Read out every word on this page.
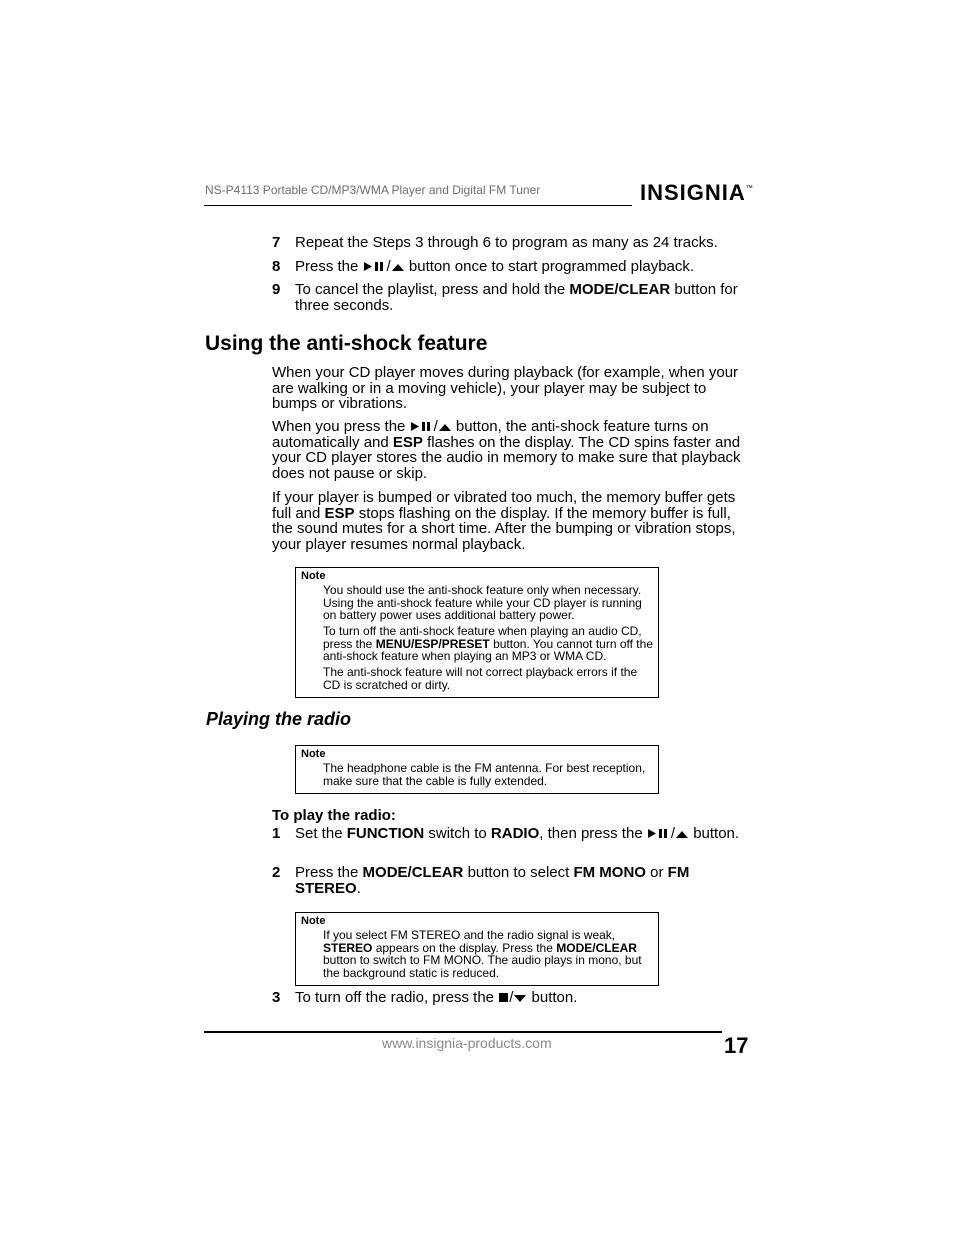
NS-P4113 Portable CD/MP3/WMA Player and Digital FM Tuner	INSIGNIA™
7 Repeat the Steps 3 through 6 to program as many as 24 tracks.
8 Press the / button once to start programmed playback.
9 To cancel the playlist, press and hold the MODE/CLEAR button for three seconds.
Using the anti-shock feature
When your CD player moves during playback (for example, when your are walking or in a moving vehicle), your player may be subject to bumps or vibrations.
When you press the / button, the anti-shock feature turns on automatically and ESP flashes on the display. The CD spins faster and your CD player stores the audio in memory to make sure that playback does not pause or skip.
If your player is bumped or vibrated too much, the memory buffer gets full and ESP stops flashing on the display. If the memory buffer is full, the sound mutes for a short time. After the bumping or vibration stops, your player resumes normal playback.
Note
You should use the anti-shock feature only when necessary. Using the anti-shock feature while your CD player is running on battery power uses additional battery power.
To turn off the anti-shock feature when playing an audio CD, press the MENU/ESP/PRESET button. You cannot turn off the anti-shock feature when playing an MP3 or WMA CD.
The anti-shock feature will not correct playback errors if the CD is scratched or dirty.
Playing the radio
Note
The headphone cable is the FM antenna. For best reception, make sure that the cable is fully extended.
To play the radio:
1 Set the FUNCTION switch to RADIO, then press the / button.
2 Press the MODE/CLEAR button to select FM MONO or FM STEREO.
Note
If you select FM STEREO and the radio signal is weak, STEREO appears on the display. Press the MODE/CLEAR button to switch to FM MONO. The audio plays in mono, but the background static is reduced.
3 To turn off the radio, press the / button.
www.insignia-products.com	17
